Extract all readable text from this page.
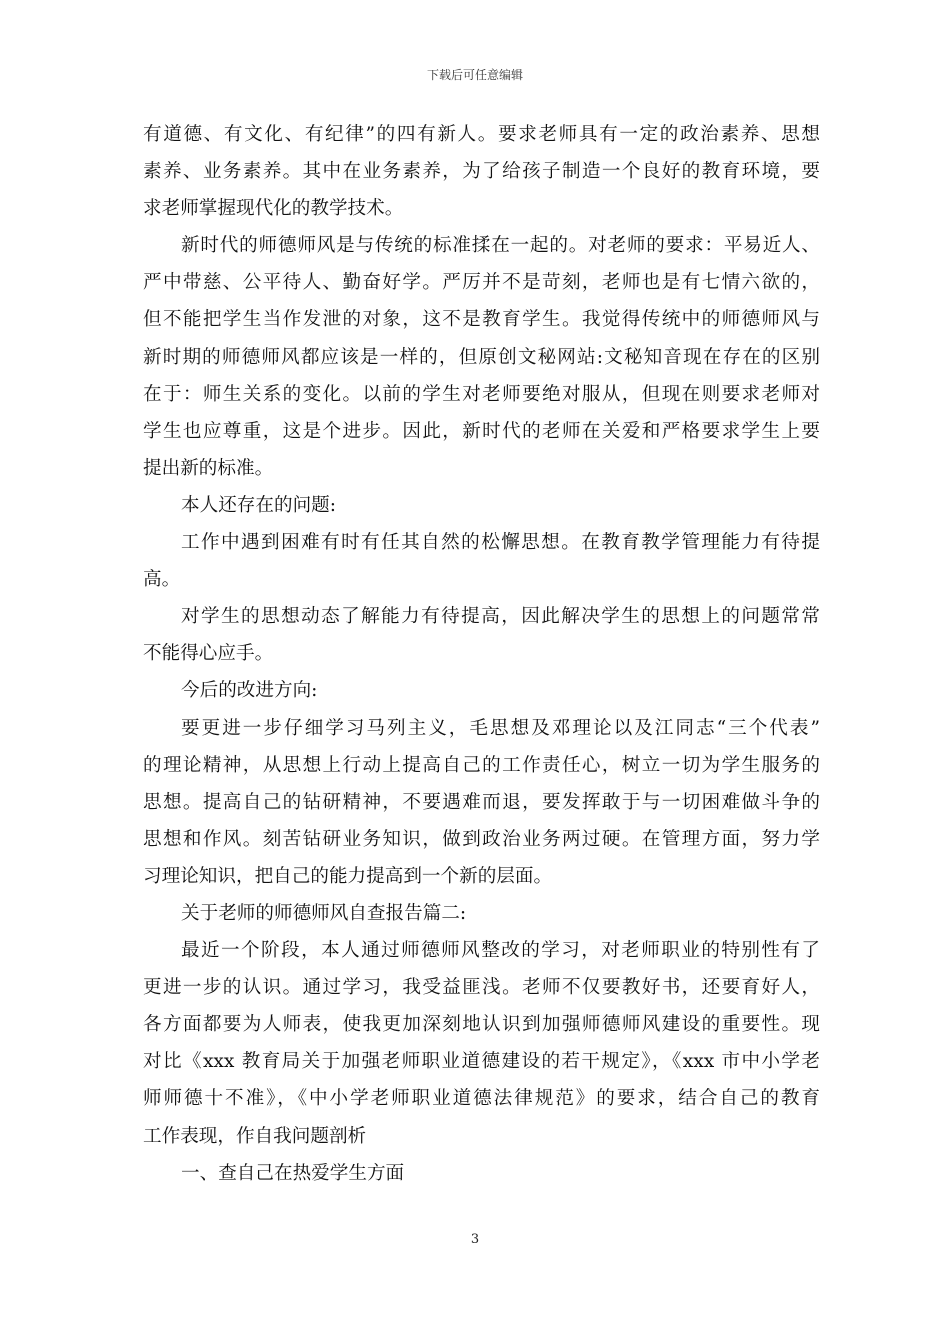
下载后可任意编辑
有道德、有文化、有纪律”的四有新人。要求老师具有一定的政治素养、思想
素养、业务素养。其中在业务素养，为了给孩子制造一个良好的教育环境，要
求老师掌握现代化的教学技术。
新时代的师德师风是与传统的标准揉在一起的。对老师的要求：平易近人、
严中带慈、公平待人、勤奋好学。严厉并不是苛刻，老师也是有七情六欲的，
但不能把学生当作发泄的对象，这不是教育学生。我觉得传统中的师德师风与
新时期的师德师风都应该是一样的，但原创文秘网站:文秘知音现在存在的区别
在于：师生关系的变化。以前的学生对老师要绝对服从，但现在则要求老师对
学生也应尊重，这是个进步。因此，新时代的老师在关爱和严格要求学生上要
提出新的标准。
本人还存在的问题:
工作中遇到困难有时有任其自然的松懈思想。在教育教学管理能力有待提
高。
对学生的思想动态了解能力有待提高，因此解决学生的思想上的问题常常
不能得心应手。
今后的改进方向:
要更进一步仔细学习马列主义，毛思想及邓理论以及江同志“三个代表”
的理论精神，从思想上行动上提高自己的工作责任心，树立一切为学生服务的
思想。提高自己的钻研精神，不要遇难而退，要发挥敢于与一切困难做斗争的
思想和作风。刻苦钻研业务知识，做到政治业务两过硬。在管理方面，努力学
习理论知识，把自己的能力提高到一个新的层面。
关于老师的师德师风自查报告篇二:
最近一个阶段，本人通过师德师风整改的学习，对老师职业的特别性有了
更进一步的认识。通过学习，我受益匪浅。老师不仅要教好书，还要育好人，
各方面都要为人师表，使我更加深刻地认识到加强师德师风建设的重要性。现
对比《xxx 教育局关于加强老师职业道德建设的若干规定》，《xxx 市中小学老
师师德十不准》，《中小学老师职业道德法律规范》的要求，结合自己的教育
工作表现，作自我问题剖析
一、查自己在热爱学生方面
3
